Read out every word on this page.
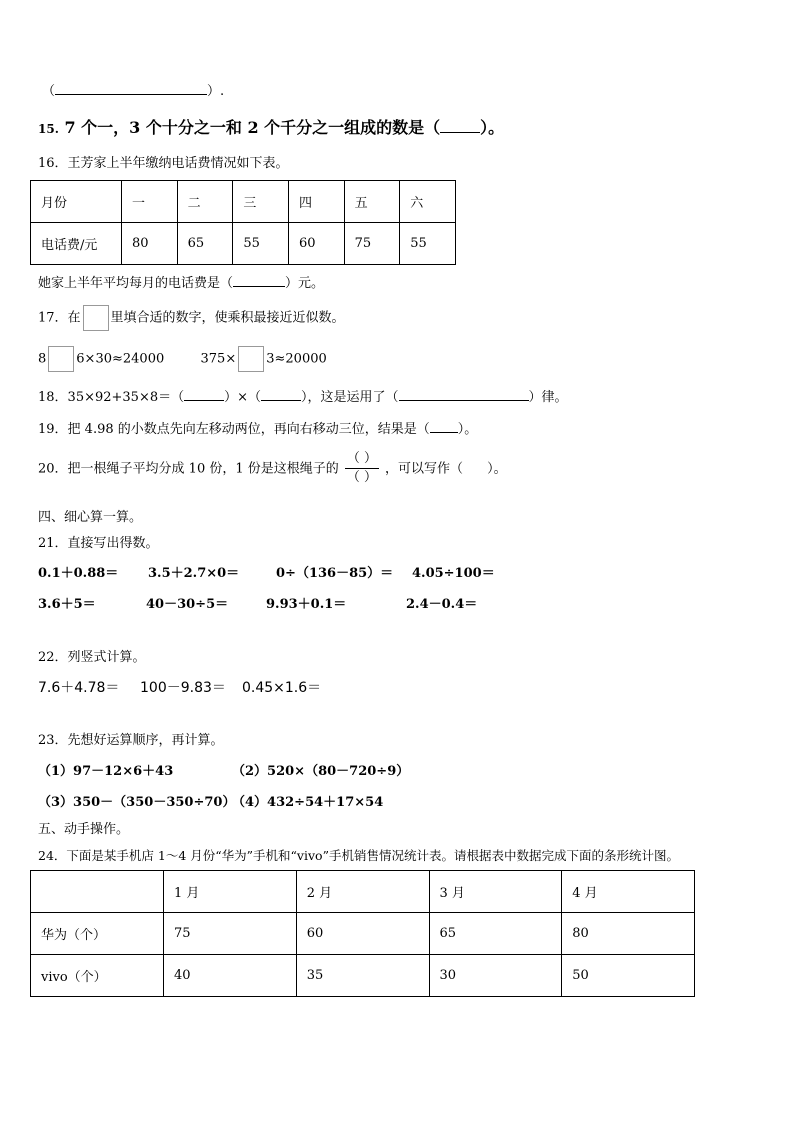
（	）.
15. 7 个一，3 个十分之一和 2 个千分之一组成的数是（	）。
16．王芳家上半年缴纳电话费情况如下表。
月份	一	二	三	四	五	六
电话费/元	80	65	55	60	75	55
她家上半年平均每月的电话费是（	）元。
17．在 里填合适的数字，使乘积最接近近似数。
8 6×30≈24000	375× 3≈20000
18．35×92+35×8＝（	）×（	），这是运用了（	）律。
19．把 4.98 的小数点先向左移动两位，再向右移动三位，结果是（ ）。
20．把一根绳子平均分成 10 份，1 份是这根绳子的 $\frac{( )}{( )}$ ，可以写作（ ）。
四、细心算一算。
21．直接写出得数。
0.1＋0.88＝ 3.5＋2.7×0＝	0÷（136－85）＝ 4.05÷100＝
3.6＋5＝	40－30÷5＝	9.93＋0.1＝	2.4－0.4＝
22．列竖式计算。
7.6＋4.78＝ 100－9.83＝ 0.45×1.6＝
23．先想好运算顺序，再计算。
（1）97－12×6＋43	（2）520×（80－720÷9）
（3）350－（350－350÷70）
（4）432÷54＋17×54
五、动手操作。
24．下面是某手机店 1～4 月份“华为”手机和“vivo”手机销售情况统计表。请根据表中数据完成下面的条形统计图。
	1 月	2 月	3 月	4 月
华为（个）	75	60	65	80
vivo（个）	40	35	30	50
